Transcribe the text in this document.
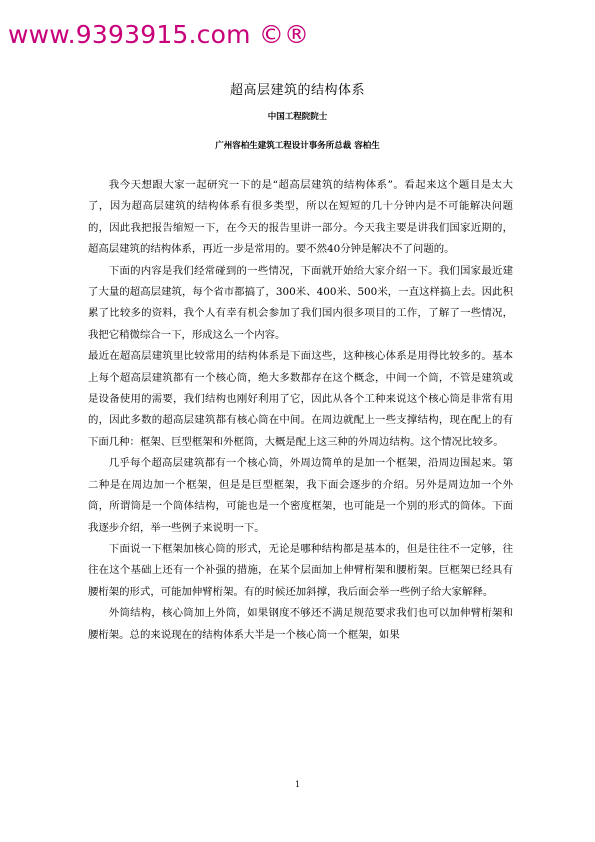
www.9393915.com ©®
超高层建筑的结构体系
中国工程院院士
广州容柏生建筑工程设计事务所总裁 容柏生

我今天想跟大家一起研究一下的是“超高层建筑的结构体系”。看起来这个题目是太大了，因为超高层建筑的结构体系有很多类型，所以在短短的几十分钟内是不可能解决问题的，因此我把报告缩短一下，在今天的报告里讲一部分。今天我主要是讲我们国家近期的，超高层建筑的结构体系，再近一步是常用的。要不然40分钟是解决不了问题的。

下面的内容是我们经常碰到的一些情况，下面就开始给大家介绍一下。我们国家最近建了大量的超高层建筑，每个省市都搞了，300米、400米、500米，一直这样搞上去。因此积累了比较多的资料，我个人有幸有机会参加了我们国内很多项目的工作，了解了一些情况，我把它稍微综合一下，形成这么一个内容。

最近在超高层建筑里比较常用的结构体系是下面这些，这种核心体系是用得比较多的。基本上每个超高层建筑都有一个核心筒，绝大多数都存在这个概念，中间一个筒，不管是建筑或是设备使用的需要，我们结构也刚好利用了它，因此从各个工种来说这个核心筒是非常有用的，因此多数的超高层建筑都有核心筒在中间。在周边就配上一些支撑结构，现在配上的有下面几种：框架、巨型框架和外框筒，大概是配上这三种的外周边结构。这个情况比较多。

几乎每个超高层建筑都有一个核心筒，外周边简单的是加一个框架，沿周边围起来。第二种是在周边加一个框架，但是是巨型框架，我下面会逐步的介绍。另外是周边加一个外筒，所谓筒是一个筒体结构，可能也是一个密度框架，也可能是一个别的形式的筒体。下面我逐步介绍，举一些例子来说明一下。

下面说一下框架加核心筒的形式，无论是哪种结构都是基本的，但是往往不一定够，往往在这个基础上还有一个补强的措施，在某个层面加上伸臂桁架和腰桁架。巨框架已经具有腰桁架的形式，可能加伸臂桁架。有的时候还加斜撑，我后面会举一些例子给大家解释。

外筒结构，核心筒加上外筒，如果钢度不够还不满足规范要求我们也可以加伸臂桁架和腰桁架。总的来说现在的结构体系大半是一个核心筒一个框架，如果

1
